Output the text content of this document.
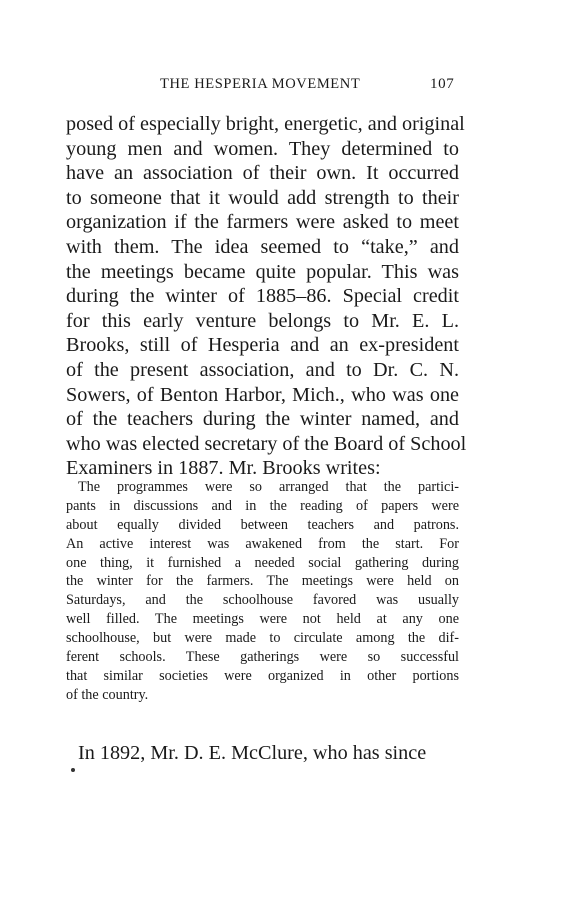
THE HESPERIA MOVEMENT	107
posed of especially bright, energetic, and original
young men and women. They determined to
have an association of their own. It occurred
to someone that it would add strength to their
organization if the farmers were asked to meet
with them. The idea seemed to “take,” and
the meetings became quite popular. This was
during the winter of 1885–86. Special credit
for this early venture belongs to Mr. E. L.
Brooks, still of Hesperia and an ex-president
of the present association, and to Dr. C. N.
Sowers, of Benton Harbor, Mich., who was one
of the teachers during the winter named, and
who was elected secretary of the Board of School
Examiners in 1887. Mr. Brooks writes:
The programmes were so arranged that the partici-
pants in discussions and in the reading of papers were
about equally divided between teachers and patrons.
An active interest was awakened from the start. For
one thing, it furnished a needed social gathering during
the winter for the farmers. The meetings were held on
Saturdays, and the schoolhouse favored was usually
well filled. The meetings were not held at any one
schoolhouse, but were made to circulate among the dif-
ferent schools. These gatherings were so successful
that similar societies were organized in other portions
of the country.
In 1892, Mr. D. E. McClure, who has since
